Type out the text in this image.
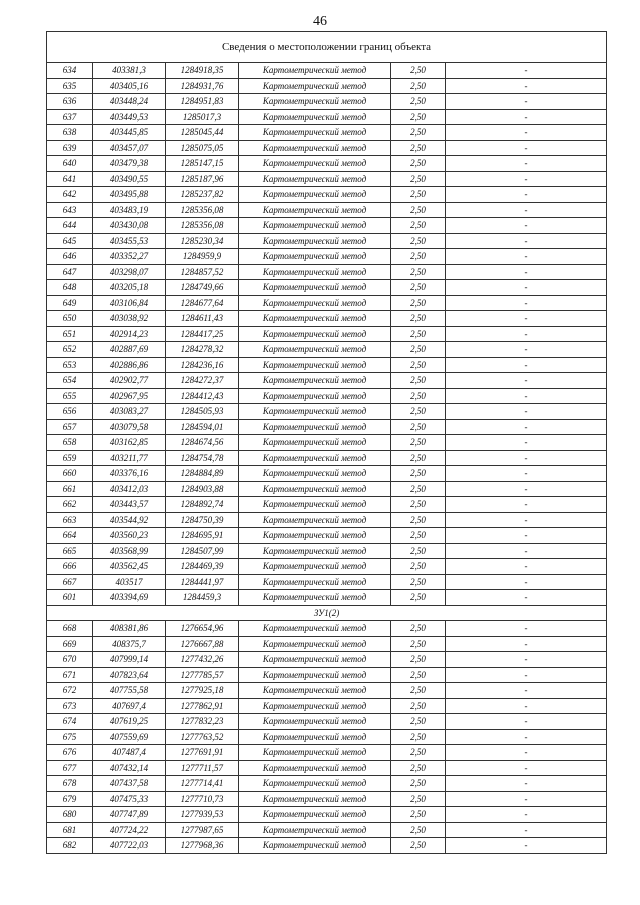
46
Сведения о местоположении границ объекта					
634	403381,3	1284918,35	Картометрический метод	2,50	-
635	403405,16	1284931,76	Картометрический метод	2,50	-
636	403448,24	1284951,83	Картометрический метод	2,50	-
637	403449,53	1285017,3	Картометрический метод	2,50	-
638	403445,85	1285045,44	Картометрический метод	2,50	-
639	403457,07	1285075,05	Картометрический метод	2,50	-
640	403479,38	1285147,15	Картометрический метод	2,50	-
641	403490,55	1285187,96	Картометрический метод	2,50	-
642	403495,88	1285237,82	Картометрический метод	2,50	-
643	403483,19	1285356,08	Картометрический метод	2,50	-
644	403430,08	1285356,08	Картометрический метод	2,50	-
645	403455,53	1285230,34	Картометрический метод	2,50	-
646	403352,27	1284959,9	Картометрический метод	2,50	-
647	403298,07	1284857,52	Картометрический метод	2,50	-
648	403205,18	1284749,66	Картометрический метод	2,50	-
649	403106,84	1284677,64	Картометрический метод	2,50	-
650	403038,92	1284611,43	Картометрический метод	2,50	-
651	402914,23	1284417,25	Картометрический метод	2,50	-
652	402887,69	1284278,32	Картометрический метод	2,50	-
653	402886,86	1284236,16	Картометрический метод	2,50	-
654	402902,77	1284272,37	Картометрический метод	2,50	-
655	402967,95	1284412,43	Картометрический метод	2,50	-
656	403083,27	1284505,93	Картометрический метод	2,50	-
657	403079,58	1284594,01	Картометрический метод	2,50	-
658	403162,85	1284674,56	Картометрический метод	2,50	-
659	403211,77	1284754,78	Картометрический метод	2,50	-
660	403376,16	1284884,89	Картометрический метод	2,50	-
661	403412,03	1284903,88	Картометрический метод	2,50	-
662	403443,57	1284892,74	Картометрический метод	2,50	-
663	403544,92	1284750,39	Картометрический метод	2,50	-
664	403560,23	1284695,91	Картометрический метод	2,50	-
665	403568,99	1284507,99	Картометрический метод	2,50	-
666	403562,45	1284469,39	Картометрический метод	2,50	-
667	403517	1284441,97	Картометрический метод	2,50	-
601	403394,69	1284459,3	Картометрический метод	2,50	-
ЗУ1(2)					
668	408381,86	1276654,96	Картометрический метод	2,50	-
669	408375,7	1276667,88	Картометрический метод	2,50	-
670	407999,14	1277432,26	Картометрический метод	2,50	-
671	407823,64	1277785,57	Картометрический метод	2,50	-
672	407755,58	1277925,18	Картометрический метод	2,50	-
673	407697,4	1277862,91	Картометрический метод	2,50	-
674	407619,25	1277832,23	Картометрический метод	2,50	-
675	407559,69	1277763,52	Картометрический метод	2,50	-
676	407487,4	1277691,91	Картометрический метод	2,50	-
677	407432,14	1277711,57	Картометрический метод	2,50	-
678	407437,58	1277714,41	Картометрический метод	2,50	-
679	407475,33	1277710,73	Картометрический метод	2,50	-
680	407747,89	1277939,53	Картометрический метод	2,50	-
681	407724,22	1277987,65	Картометрический метод	2,50	-
682	407722,03	1277968,36	Картометрический метод	2,50	-
